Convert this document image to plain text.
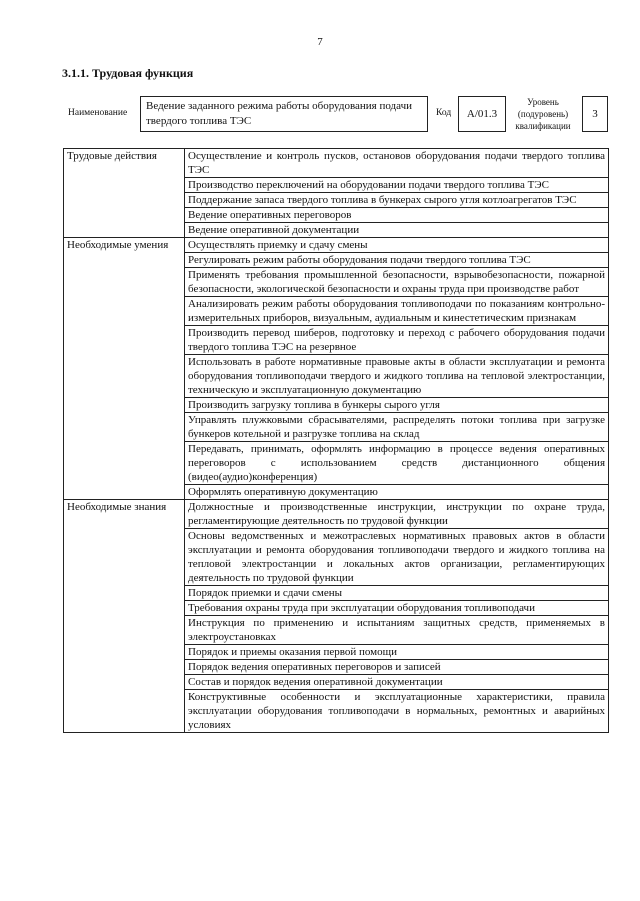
7
3.1.1. Трудовая функция
Наименование
Ведение заданного режима работы оборудования подачи твердого топлива ТЭС
Код	А/01.3
Уровень (подуровень) квалификации
3
Трудовые действия	Осуществление и контроль пусков, остановов оборудования подачи твердого топлива ТЭС
	Производство переключений на оборудовании подачи твердого топлива ТЭС
	Поддержание запаса твердого топлива в бункерах сырого угля котлоагрегатов ТЭС
	Ведение оперативных переговоров
	Ведение оперативной документации
Необходимые умения	Осуществлять приемку и сдачу смены
	Регулировать режим работы оборудования подачи твердого топлива ТЭС
	Применять требования промышленной безопасности, взрывобезопасности, пожарной безопасности, экологической безопасности и охраны труда при производстве работ
	Анализировать режим работы оборудования топливоподачи по показаниям контрольно-измерительных приборов, визуальным, аудиальным и кинестетическим признакам
	Производить перевод шиберов, подготовку и переход с рабочего оборудования подачи твердого топлива ТЭС на резервное
	Использовать в работе нормативные правовые акты в области эксплуатации и ремонта оборудования топливоподачи твердого и жидкого топлива на тепловой электростанции, техническую и эксплуатационную документацию
	Производить загрузку топлива в бункеры сырого угля
	Управлять плужковыми сбрасывателями, распределять потоки топлива при загрузке бункеров котельной и разгрузке топлива на склад
	Передавать, принимать, оформлять информацию в процессе ведения оперативных переговоров с использованием средств дистанционного общения (видео(аудио)конференция)
	Оформлять оперативную документацию
Необходимые знания	Должностные и производственные инструкции, инструкции по охране труда, регламентирующие деятельность по трудовой функции
	Основы ведомственных и межотраслевых нормативных правовых актов в области эксплуатации и ремонта оборудования топливоподачи твердого и жидкого топлива на тепловой электростанции и локальных актов организации, регламентирующих деятельность по трудовой функции
	Порядок приемки и сдачи смены
	Требования охраны труда при эксплуатации оборудования топливоподачи
	Инструкция по применению и испытаниям защитных средств, применяемых в электроустановках
	Порядок и приемы оказания первой помощи
	Порядок ведения оперативных переговоров и записей
	Состав и порядок ведения оперативной документации
	Конструктивные особенности и эксплуатационные характеристики, правила эксплуатации оборудования топливоподачи в нормальных, ремонтных и аварийных условиях
